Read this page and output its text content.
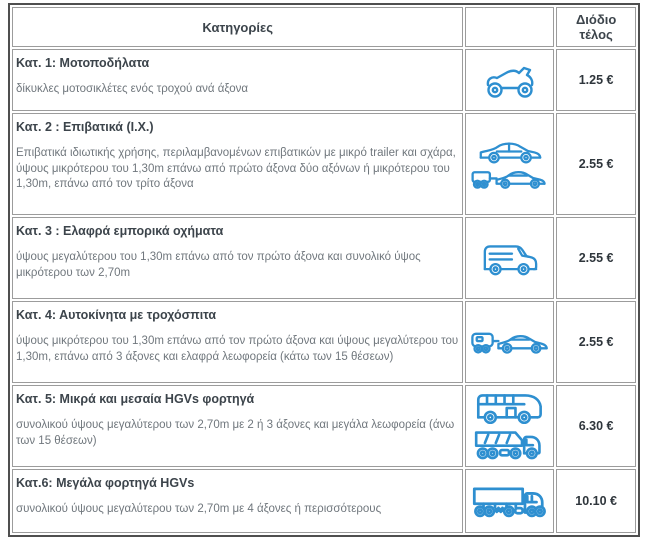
Κατηγορίες		Διόδιο τέλος

Κατ. 1: Μοτοποδήλατα

δίκυκλες μοτοσικλέτες ενός τροχού ανά άξονα		1.25 €

Κατ. 2 : Επιβατικά (Ι.Χ.)

Επιβατικά ιδιωτικής χρήσης, περιλαμβανομένων επιβατικών με μικρό trailer και σχάρα, ύψους μικρότερου του 1,30m επάνω από πρώτο άξονα δύο αξόνων ή μικρότερου του 1,30m, επάνω από τον τρίτο άξονα		2.55 €

Κατ. 3 : Ελαφρά εμπορικά οχήματα

ύψους μεγαλύτερου του 1,30m επάνω από τον πρώτο άξονα και συνολικό ύψος μικρότερου των 2,70m		2.55 €

Κατ. 4: Αυτοκίνητα με τροχόσπιτα

ύψους μικρότερου του 1,30m επάνω από τον πρώτο άξονα και ύψους μεγαλύτερου του 1,30m, επάνω από 3 άξονες και ελαφρά λεωφορεία (κάτω των 15 θέσεων)		2.55 €

Κατ. 5: Μικρά και μεσαία HGVs φορτηγά

συνολικού ύψους μεγαλύτερου των 2,70m με 2 ή 3 άξονες και μεγάλα λεωφορεία (άνω των 15 θέσεων)		6.30 €

Κατ.6: Μεγάλα φορτηγά HGVs

συνολικού ύψους μεγαλύτερου των 2,70m με 4 άξονες ή περισσότερους		10.10 €
